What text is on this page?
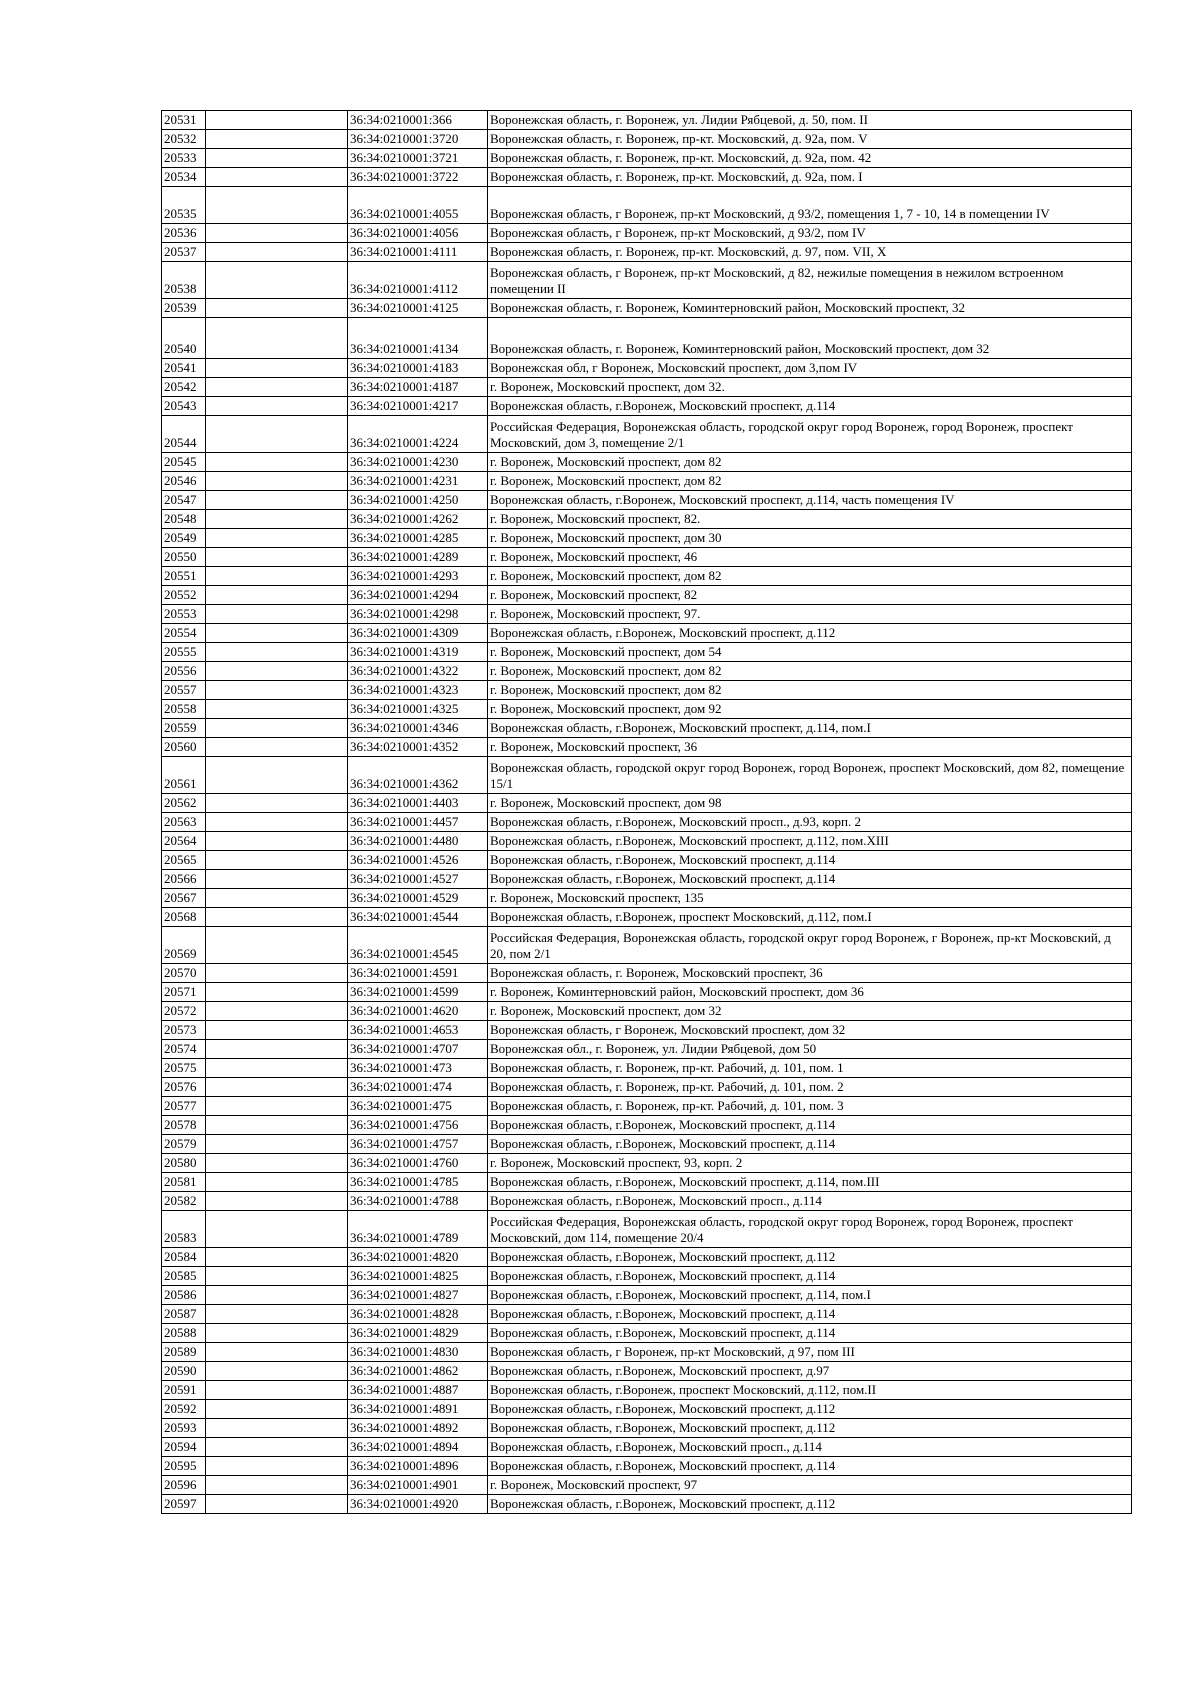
20531		36:34:0210001:366	Воронежская область, г. Воронеж, ул. Лидии Рябцевой, д. 50, пом. II
20532		36:34:0210001:3720	Воронежская область, г. Воронеж, пр-кт. Московский, д. 92а, пом. V
20533		36:34:0210001:3721	Воронежская область, г. Воронеж, пр-кт. Московский, д. 92а, пом. 42
20534		36:34:0210001:3722	Воронежская область, г. Воронеж, пр-кт. Московский, д. 92а, пом. I
20535		36:34:0210001:4055	Воронежская область, г Воронеж, пр-кт Московский, д 93/2, помещения 1, 7 - 10, 14 в помещении IV
20536		36:34:0210001:4056	Воронежская область, г Воронеж, пр-кт Московский, д 93/2, пом IV
20537		36:34:0210001:4111	Воронежская область, г. Воронеж, пр-кт. Московский, д. 97, пом. VII, X
20538		36:34:0210001:4112	Воронежская область, г Воронеж, пр-кт Московский, д 82, нежилые помещения в нежилом встроенном помещении II
20539		36:34:0210001:4125	Воронежская область, г. Воронеж, Коминтерновский район, Московский проспект, 32
20540		36:34:0210001:4134	Воронежская область, г. Воронеж, Коминтерновский район, Московский проспект, дом 32
20541		36:34:0210001:4183	Воронежская обл, г Воронеж, Московский проспект, дом 3,пом IV
20542		36:34:0210001:4187	г. Воронеж, Московский проспект, дом 32.
20543		36:34:0210001:4217	Воронежская область, г.Воронеж, Московский проспект, д.114
20544		36:34:0210001:4224	Российская Федерация, Воронежская область, городской округ город Воронеж, город Воронеж, проспект Московский, дом 3, помещение 2/1
20545		36:34:0210001:4230	г. Воронеж, Московский проспект, дом 82
20546		36:34:0210001:4231	г. Воронеж, Московский проспект, дом 82
20547		36:34:0210001:4250	Воронежская область, г.Воронеж, Московский проспект, д.114, часть помещения IV
20548		36:34:0210001:4262	г. Воронеж, Московский проспект, 82.
20549		36:34:0210001:4285	г. Воронеж, Московский проспект, дом 30
20550		36:34:0210001:4289	г. Воронеж, Московский проспект, 46
20551		36:34:0210001:4293	г. Воронеж, Московский проспект, дом 82
20552		36:34:0210001:4294	г. Воронеж, Московский проспект, 82
20553		36:34:0210001:4298	г. Воронеж, Московский проспект, 97.
20554		36:34:0210001:4309	Воронежская область, г.Воронеж, Московский проспект, д.112
20555		36:34:0210001:4319	г. Воронеж, Московский проспект, дом 54
20556		36:34:0210001:4322	г. Воронеж, Московский проспект, дом 82
20557		36:34:0210001:4323	г. Воронеж, Московский проспект, дом 82
20558		36:34:0210001:4325	г. Воронеж, Московский проспект, дом 92
20559		36:34:0210001:4346	Воронежская область, г.Воронеж, Московский проспект, д.114, пом.I
20560		36:34:0210001:4352	г. Воронеж, Московский проспект, 36
20561		36:34:0210001:4362	Воронежская область, городской округ город Воронеж, город Воронеж, проспект Московский, дом 82, помещение 15/1
20562		36:34:0210001:4403	г. Воронеж, Московский проспект, дом 98
20563		36:34:0210001:4457	Воронежская область, г.Воронеж, Московский просп., д.93, корп. 2
20564		36:34:0210001:4480	Воронежская область, г.Воронеж, Московский проспект, д.112, пом.XIII
20565		36:34:0210001:4526	Воронежская область, г.Воронеж, Московский проспект, д.114
20566		36:34:0210001:4527	Воронежская область, г.Воронеж, Московский проспект, д.114
20567		36:34:0210001:4529	г. Воронеж, Московский проспект, 135
20568		36:34:0210001:4544	Воронежская область, г.Воронеж, проспект Московский, д.112, пом.I
20569		36:34:0210001:4545	Российская Федерация, Воронежская область, городской округ город Воронеж, г Воронеж, пр-кт Московский, д 20, пом 2/1
20570		36:34:0210001:4591	Воронежская область, г. Воронеж, Московский проспект, 36
20571		36:34:0210001:4599	г. Воронеж, Коминтерновский район, Московский проспект, дом 36
20572		36:34:0210001:4620	г. Воронеж, Московский проспект, дом 32
20573		36:34:0210001:4653	Воронежская область, г Воронеж, Московский проспект, дом 32
20574		36:34:0210001:4707	Воронежская обл., г. Воронеж, ул. Лидии Рябцевой, дом 50
20575		36:34:0210001:473	Воронежская область, г. Воронеж, пр-кт. Рабочий, д. 101, пом. 1
20576		36:34:0210001:474	Воронежская область, г. Воронеж, пр-кт. Рабочий, д. 101, пом. 2
20577		36:34:0210001:475	Воронежская область, г. Воронеж, пр-кт. Рабочий, д. 101, пом. 3
20578		36:34:0210001:4756	Воронежская область, г.Воронеж, Московский проспект, д.114
20579		36:34:0210001:4757	Воронежская область, г.Воронеж, Московский проспект, д.114
20580		36:34:0210001:4760	г. Воронеж, Московский проспект, 93, корп. 2
20581		36:34:0210001:4785	Воронежская область, г.Воронеж, Московский проспект, д.114, пом.III
20582		36:34:0210001:4788	Воронежская область, г.Воронеж, Московский просп., д.114
20583		36:34:0210001:4789	Российская Федерация, Воронежская область, городской округ город Воронеж, город Воронеж, проспект Московский, дом 114, помещение 20/4
20584		36:34:0210001:4820	Воронежская область, г.Воронеж, Московский проспект, д.112
20585		36:34:0210001:4825	Воронежская область, г.Воронеж, Московский проспект, д.114
20586		36:34:0210001:4827	Воронежская область, г.Воронеж, Московский проспект, д.114, пом.I
20587		36:34:0210001:4828	Воронежская область, г.Воронеж, Московский проспект, д.114
20588		36:34:0210001:4829	Воронежская область, г.Воронеж, Московский проспект, д.114
20589		36:34:0210001:4830	Воронежская область, г Воронеж, пр-кт Московский, д 97, пом III
20590		36:34:0210001:4862	Воронежская область, г.Воронеж, Московский проспект, д.97
20591		36:34:0210001:4887	Воронежская область, г.Воронеж, проспект Московский, д.112, пом.II
20592		36:34:0210001:4891	Воронежская область, г.Воронеж, Московский проспект, д.112
20593		36:34:0210001:4892	Воронежская область, г.Воронеж, Московский проспект, д.112
20594		36:34:0210001:4894	Воронежская область, г.Воронеж, Московский просп., д.114
20595		36:34:0210001:4896	Воронежская область, г.Воронеж, Московский проспект, д.114
20596		36:34:0210001:4901	г. Воронеж, Московский проспект, 97
20597		36:34:0210001:4920	Воронежская область, г.Воронеж, Московский проспект, д.112
